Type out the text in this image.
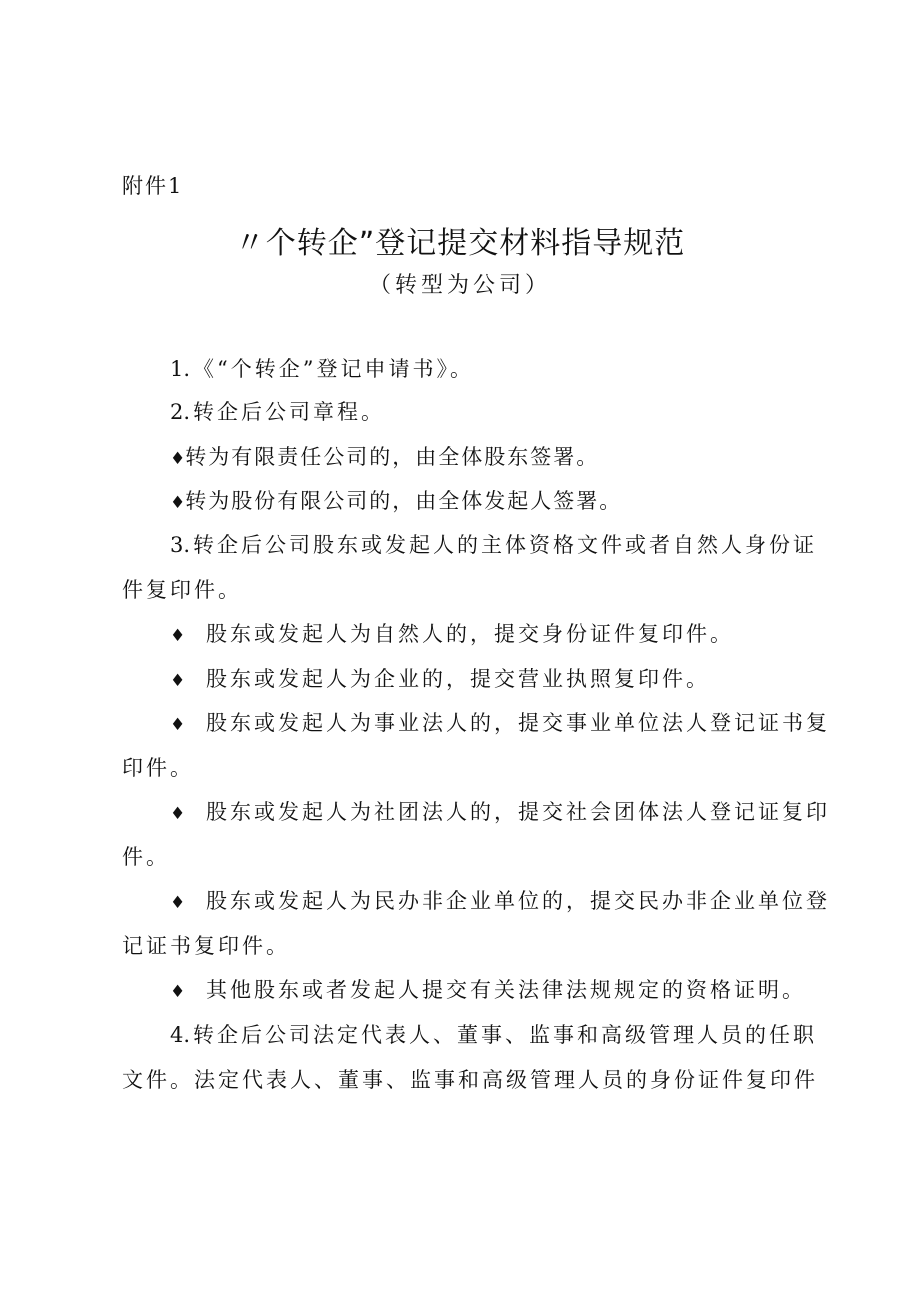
附件1
〃个转企”登记提交材料指导规范
（转型为公司）
1.《“个转企”登记申请书》。
2.转企后公司章程。
♦转为有限责任公司的，由全体股东签署。
♦转为股份有限公司的，由全体发起人签署。
3.转企后公司股东或发起人的主体资格文件或者自然人身份证
件复印件。
♦ 股东或发起人为自然人的，提交身份证件复印件。
♦ 股东或发起人为企业的，提交营业执照复印件。
♦ 股东或发起人为事业法人的，提交事业单位法人登记证书复
印件。
♦ 股东或发起人为社团法人的，提交社会团体法人登记证复印
件。
♦ 股东或发起人为民办非企业单位的，提交民办非企业单位登
记证书复印件。
♦ 其他股东或者发起人提交有关法律法规规定的资格证明。
4.转企后公司法定代表人、董事、监事和高级管理人员的任职
文件。法定代表人、董事、监事和高级管理人员的身份证件复印件
